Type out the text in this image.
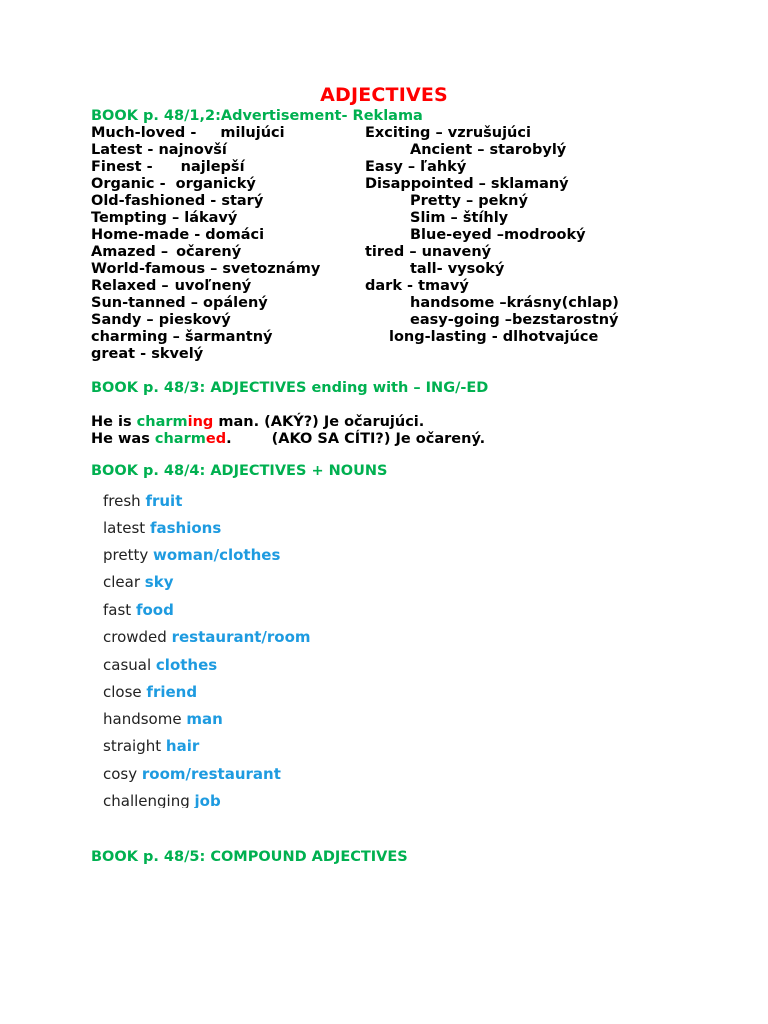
ADJECTIVES
BOOK p. 48/1,2:Advertisement- Reklama
Much-loved - milujúci
Latest - najnovší
Finest - najlepší
Organic - organický
Old-fashioned - starý
Tempting – lákavý
Home-made - domáci
Amazed – očarený
World-famous – svetoznámy
Relaxed – uvoľnený
Sun-tanned – opálený
Sandy – pieskový
charming – šarmantný
great - skvelý
Exciting – vzrušujúci
Ancient – starobylý
Easy – ľahký
Disappointed – sklamaný
Pretty – pekný
Slim – štíhly
Blue-eyed –modrooký
tired – unavený
tall- vysoký
dark - tmavý
handsome –krásny(chlap)
easy-going –bezstarostný
long-lasting - dlhotvajúce
BOOK p. 48/3: ADJECTIVES ending with – ING/-ED
He is charming man. (AKÝ?) Je očarujúci.
He was charmed.	(AKO SA CÍTI?) Je očarený.
BOOK p. 48/4: ADJECTIVES + NOUNS
fresh fruit
latest fashions
pretty woman/clothes
clear sky
fast food
crowded restaurant/room
casual clothes
close friend
handsome man
straight hair
cosy room/restaurant
challenging job
BOOK p. 48/5: COMPOUND ADJECTIVES
